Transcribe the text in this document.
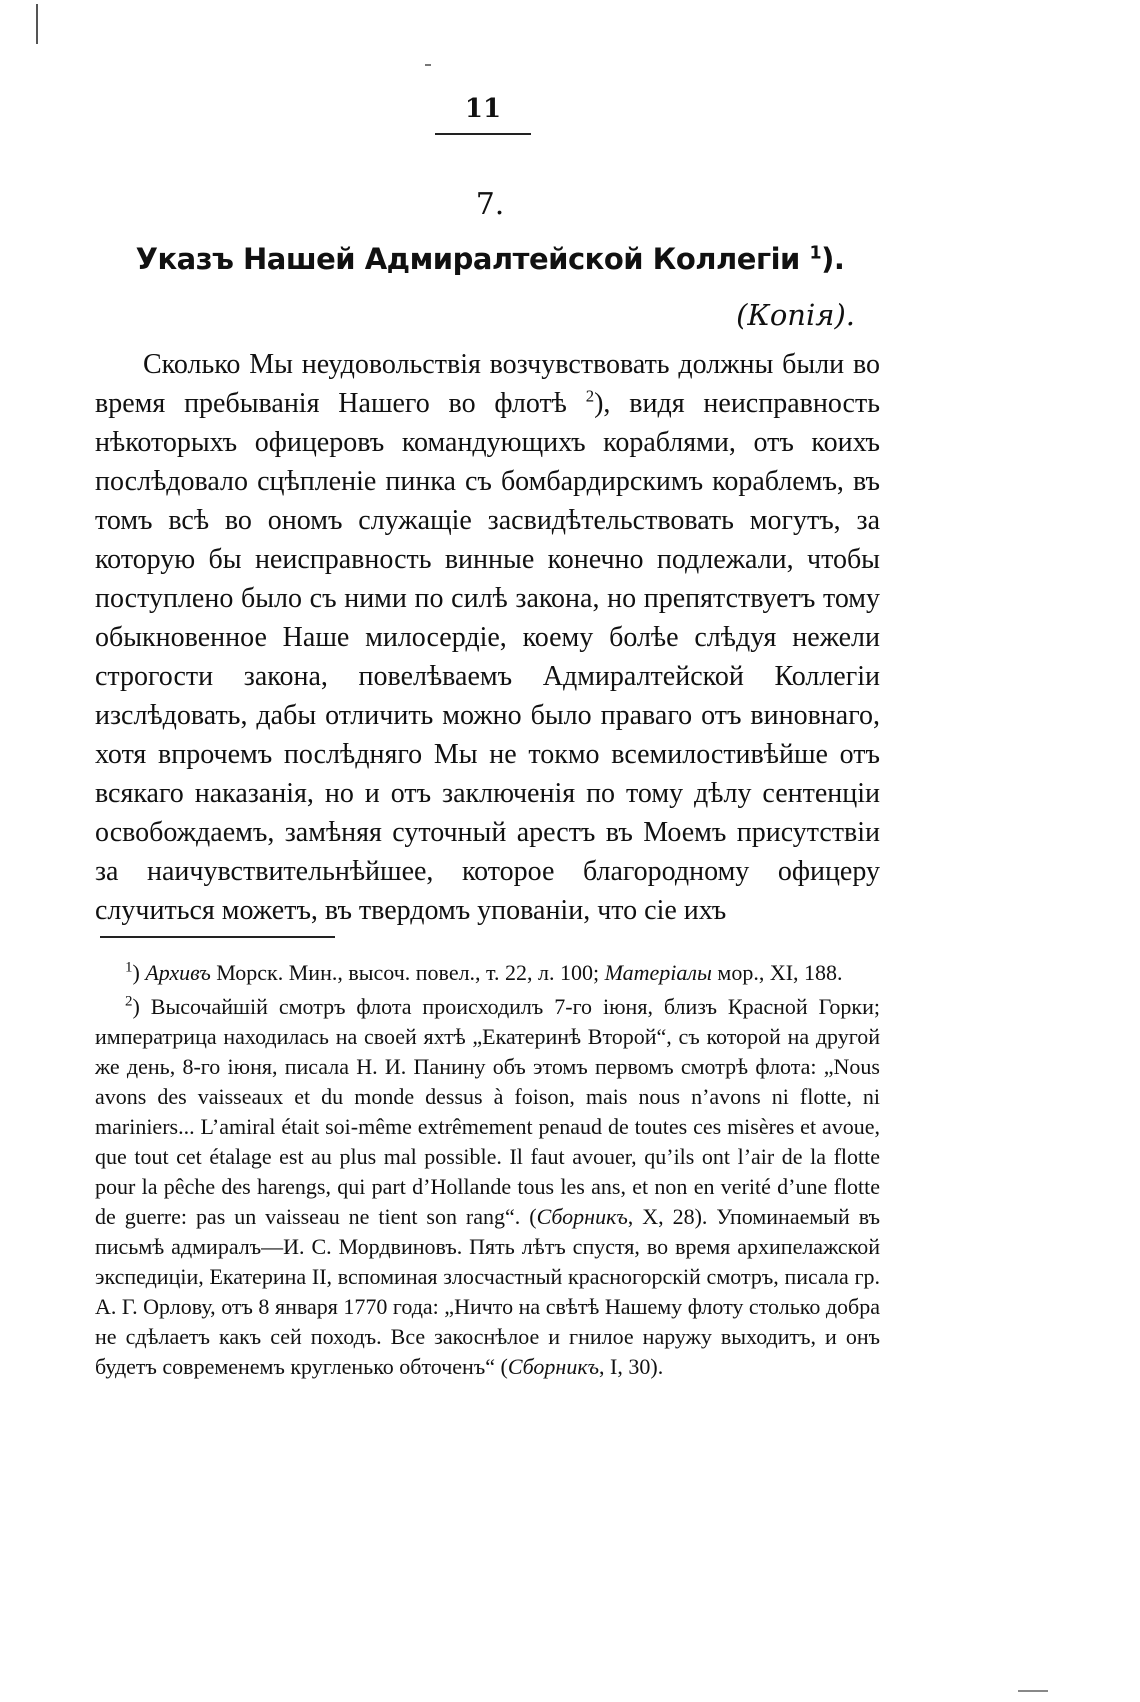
11
7.
Указъ Нашей Адмиралтейской Коллегiи $^1$).
(Копія).

Сколько Мы неудовольствія возчувствовать должны были во время пребыванія Нашего во флотѣ $^2$), видя неисправность нѣкоторыхъ офицеровъ командующихъ кораблями, отъ коихъ послѣдовало сцѣпленіе пинка съ бомбардирскимъ кораблемъ, въ томъ всѣ во ономъ служащіе засвидѣтельствовать могутъ, за которую бы неисправность винные конечно подлежали, чтобы поступлено было съ ними по силѣ закона, но препятствуетъ тому обыкновенное Наше милосердіе, коему болѣе слѣдуя нежели строгости закона, повелѣваемъ Адмиралтейской Коллегіи изслѣдовать, дабы отличить можно было праваго отъ виновнаго, хотя впрочемъ послѣдняго Мы не токмо всемилостивѣйше отъ всякаго наказанія, но и отъ заключенія по тому дѣлу сентенціи освобождаемъ, замѣняя суточный арестъ въ Моемъ присутствіи за наичувствительнѣйшее, которое благородному офицеру случиться можетъ, въ твердомъ упованіи, что сіе ихъ

$^1$) Архивъ Морск. Мин., высоч. повел., т. 22, л. 100; Матеріалы мор., XI, 188.

$^2$) Высочайшій смотръ флота происходилъ 7-го іюня, близъ Красной Горки; императрица находилась на своей яхтѣ „Екатеринѣ Второй“, съ которой на другой же день, 8-го іюня, писала Н. И. Панину объ этомъ первомъ смотрѣ флота: „Nous avons des vaisseaux et du monde dessus à foison, mais nous n’avons ni flotte, ni mariniers... L’amiral était soi-même extrêmement penaud de toutes ces misères et avoue, que tout cet étalage est au plus mal possible. Il faut avouer, qu’ils ont l’air de la flotte pour la pêche des harengs, qui part d’Hollande tous les ans, et non en verité d’une flotte de guerre: pas un vaisseau ne tient son rang“. (Сборникъ, X, 28). Упоминаемый въ письмѣ адмиралъ—И. С. Мордвиновъ. Пять лѣтъ спустя, во время архипелажской экспедиціи, Екатерина II, вспоминая злосчастный красногорскій смотръ, писала гр. А. Г. Орлову, отъ 8 января 1770 года: „Ничто на свѣтѣ Нашему флоту столько добра не сдѣлаетъ какъ сей походъ. Все закоснѣлое и гнилое наружу выходитъ, и онъ будетъ современемъ кругленько обточенъ“ (Сборникъ, I, 30).
